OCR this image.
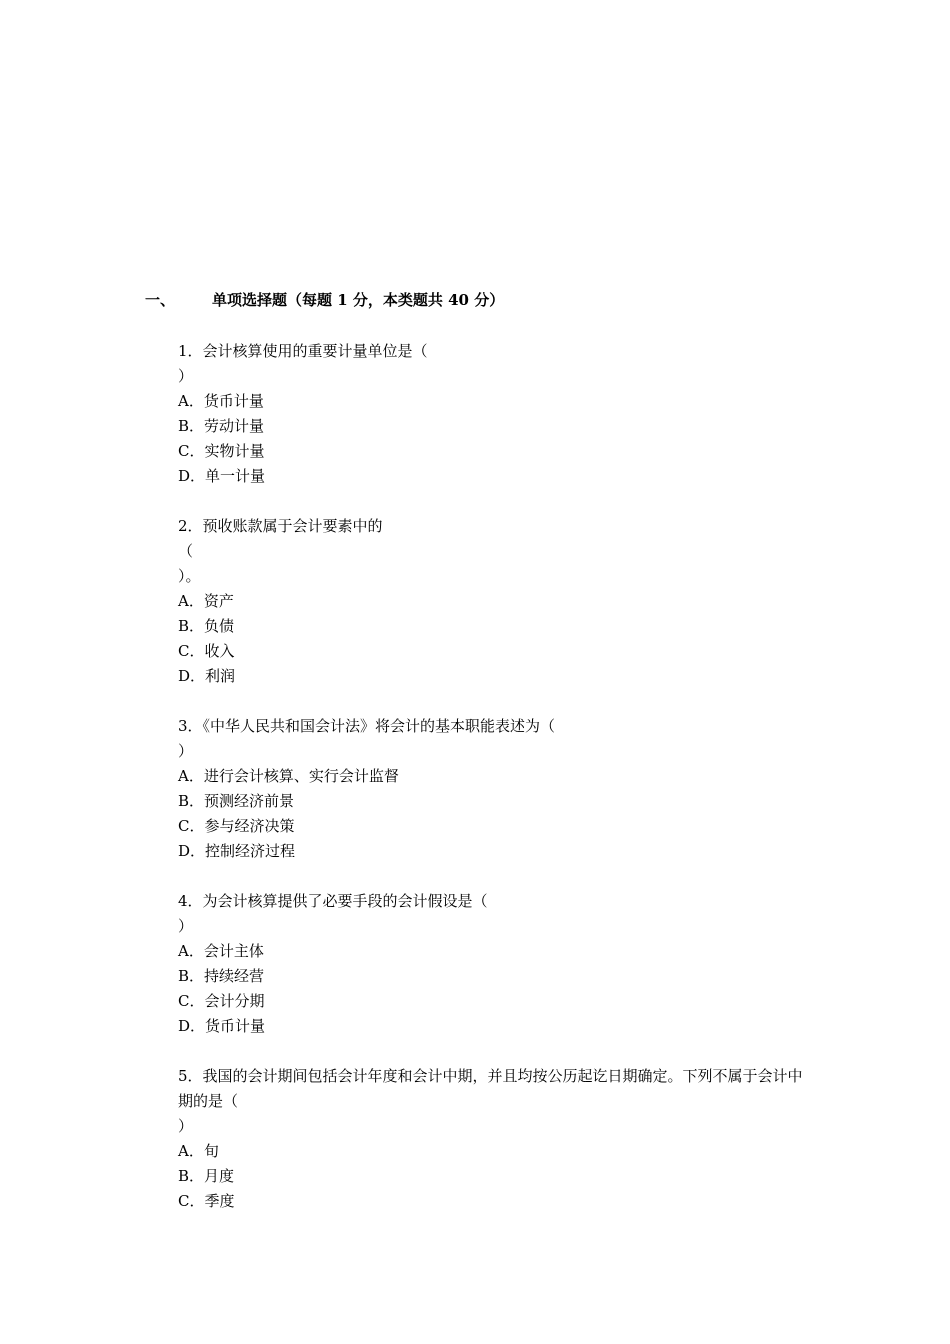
一、 单项选择题（每题 1 分，本类题共 40 分）
1．会计核算使用的重要计量单位是（
）
A．货币计量
B．劳动计量
C．实物计量
D．单一计量
2．预收账款属于会计要素中的
（
）。
A．资产
B．负债
C．收入
D．利润
3．《中华人民共和国会计法》将会计的基本职能表述为（
）
A．进行会计核算、实行会计监督
B．预测经济前景
C．参与经济决策
D．控制经济过程
4．为会计核算提供了必要手段的会计假设是（
）
A．会计主体
B．持续经营
C．会计分期
D．货币计量
5．我国的会计期间包括会计年度和会计中期，并且均按公历起讫日期确定。下列不属于会计中期的是（
）
A．旬
B．月度
C．季度
